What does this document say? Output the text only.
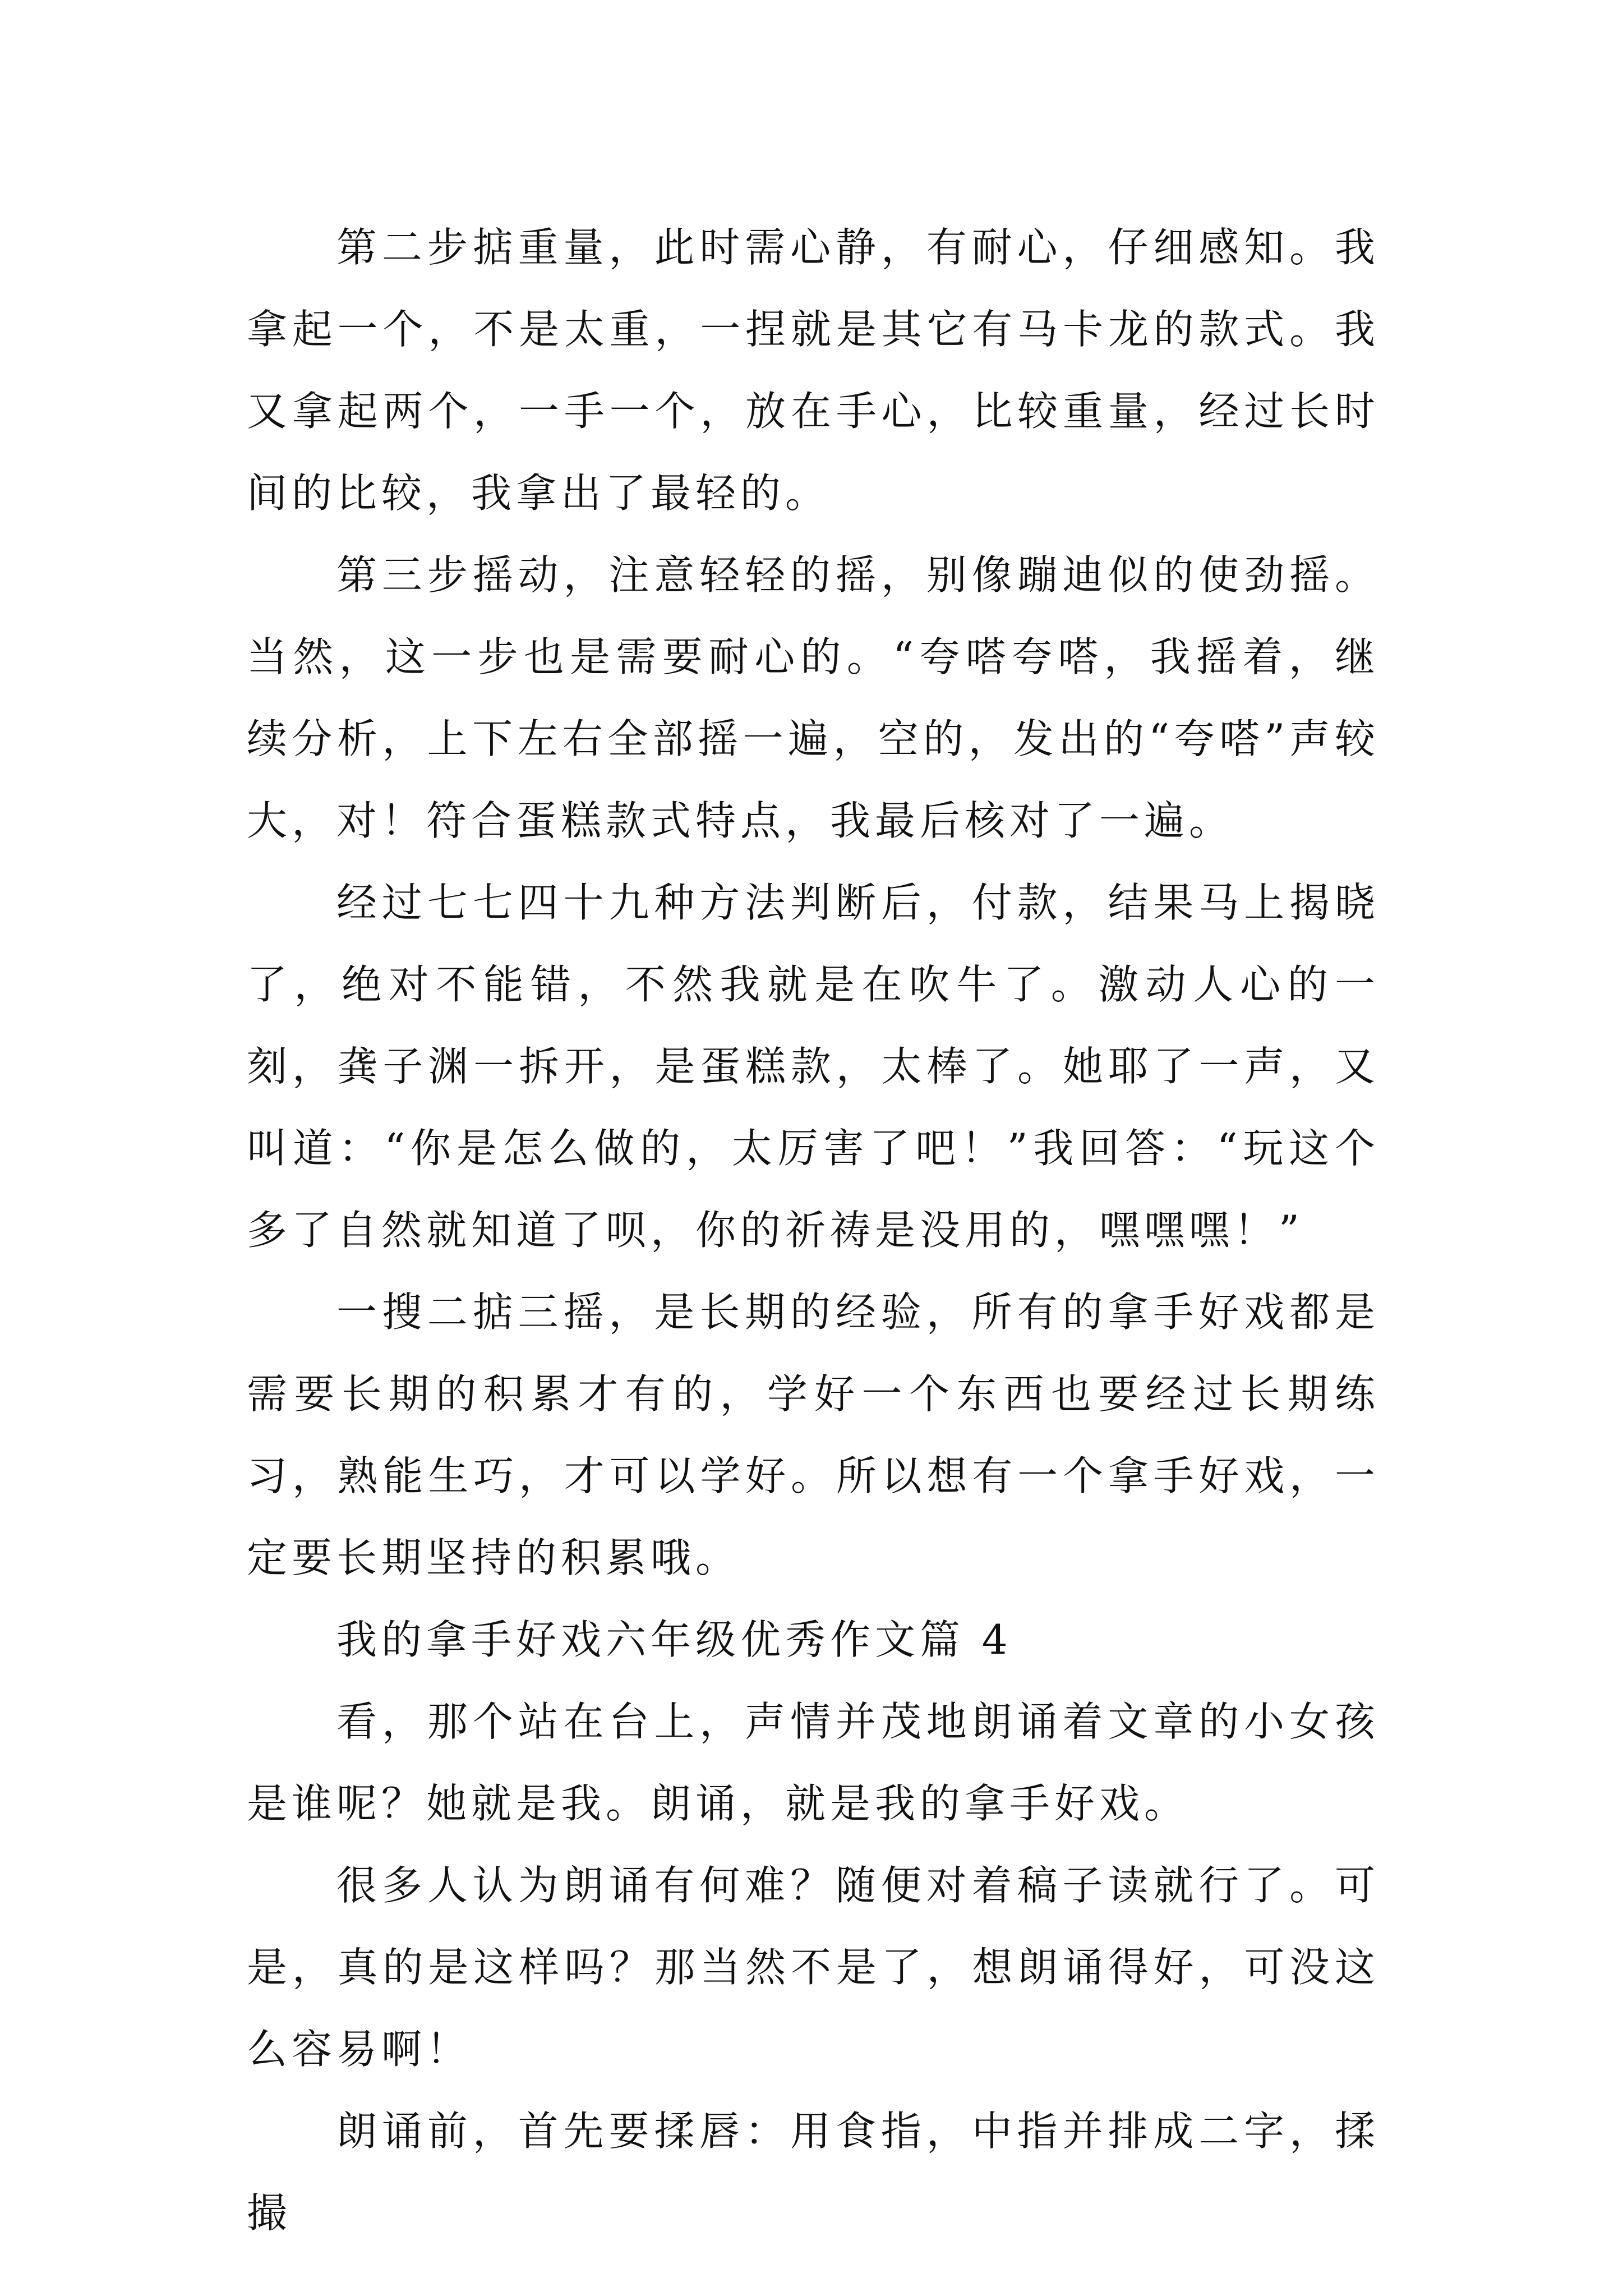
第二步掂重量，此时需心静，有耐心，仔细感知。我拿起一个，不是太重，一捏就是其它有马卡龙的款式。我又拿起两个，一手一个，放在手心，比较重量，经过长时间的比较，我拿出了最轻的。

第三步摇动，注意轻轻的摇，别像蹦迪似的使劲摇。当然，这一步也是需要耐心的。“夸嗒夸嗒，我摇着，继续分析，上下左右全部摇一遍，空的，发出的“夸嗒”声较大，对！符合蛋糕款式特点，我最后核对了一遍。

经过七七四十九种方法判断后，付款，结果马上揭晓了，绝对不能错，不然我就是在吹牛了。激动人心的一刻，龚子渊一拆开，是蛋糕款，太棒了。她耶了一声，又叫道：“你是怎么做的，太厉害了吧！”我回答：“玩这个多了自然就知道了呗，你的祈祷是没用的，嘿嘿嘿！”

一搜二掂三摇，是长期的经验，所有的拿手好戏都是需要长期的积累才有的，学好一个东西也要经过长期练习，熟能生巧，才可以学好。所以想有一个拿手好戏，一定要长期坚持的积累哦。

我的拿手好戏六年级优秀作文篇 4

看，那个站在台上，声情并茂地朗诵着文章的小女孩是谁呢？她就是我。朗诵，就是我的拿手好戏。

很多人认为朗诵有何难？随便对着稿子读就行了。可是，真的是这样吗？那当然不是了，想朗诵得好，可没这么容易啊！

朗诵前，首先要揉唇：用食指，中指并排成二字，揉撮
